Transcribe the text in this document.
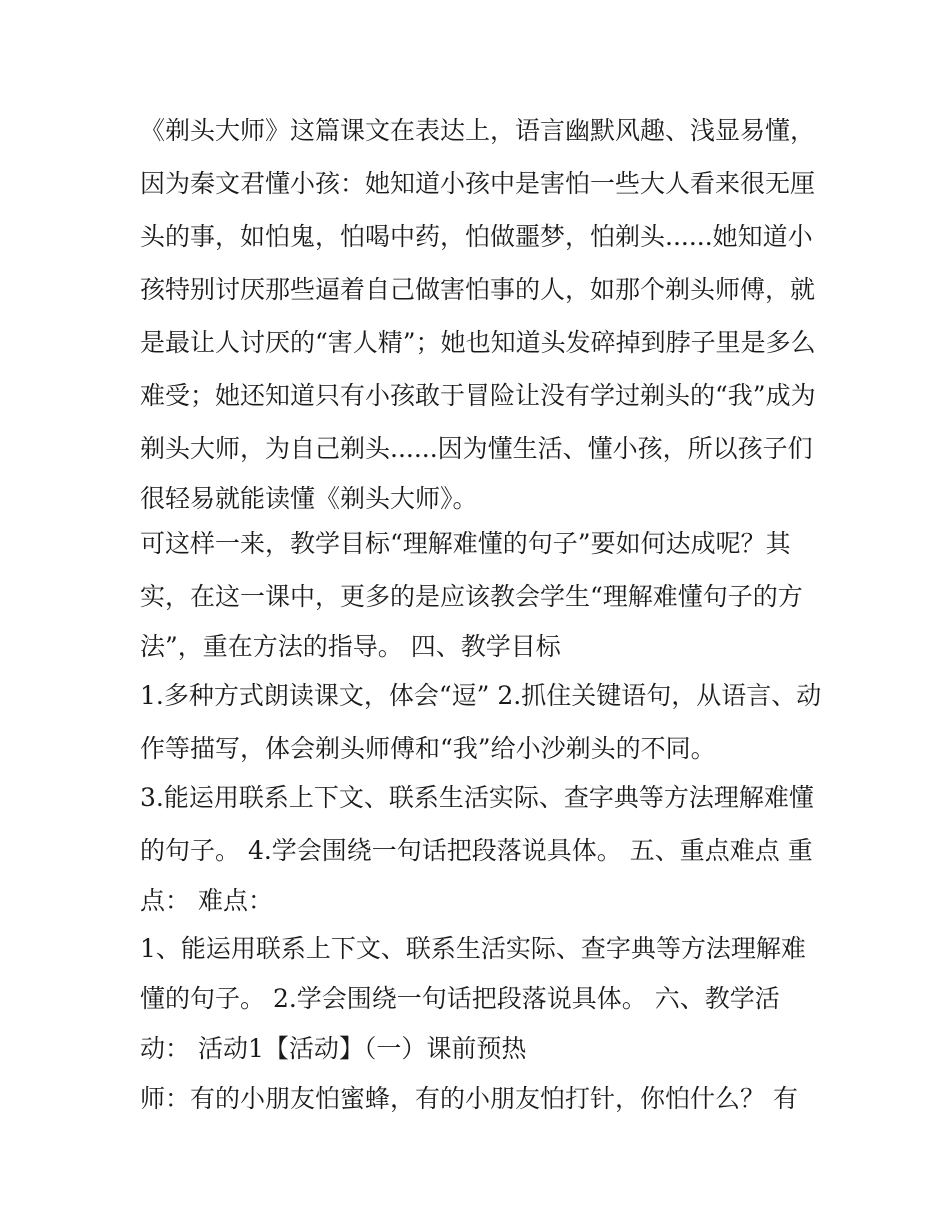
《剃头大师》这篇课文在表达上，语言幽默风趣、浅显易懂，
因为秦文君懂小孩：她知道小孩中是害怕一些大人看来很无厘
头的事，如怕鬼，怕喝中药，怕做噩梦，怕剃头......她知道小
孩特别讨厌那些逼着自己做害怕事的人，如那个剃头师傅，就
是最让人讨厌的“害人精”；她也知道头发碎掉到脖子里是多么
难受；她还知道只有小孩敢于冒险让没有学过剃头的“我”成为
剃头大师，为自己剃头......因为懂生活、懂小孩，所以孩子们
很轻易就能读懂《剃头大师》。
可这样一来，教学目标“理解难懂的句子”要如何达成呢？其
实，在这一课中，更多的是应该教会学生“理解难懂句子的方
法”，重在方法的指导。 四、教学目标
1.多种方式朗读课文，体会“逗” 2.抓住关键语句，从语言、动
作等描写，体会剃头师傅和“我”给小沙剃头的不同。
3.能运用联系上下文、联系生活实际、查字典等方法理解难懂
的句子。 4.学会围绕一句话把段落说具体。 五、重点难点 重
点： 难点：
1、能运用联系上下文、联系生活实际、查字典等方法理解难
懂的句子。 2.学会围绕一句话把段落说具体。 六、教学活
动： 活动1【活动】（一）课前预热
师：有的小朋友怕蜜蜂，有的小朋友怕打针，你怕什么？ 有
